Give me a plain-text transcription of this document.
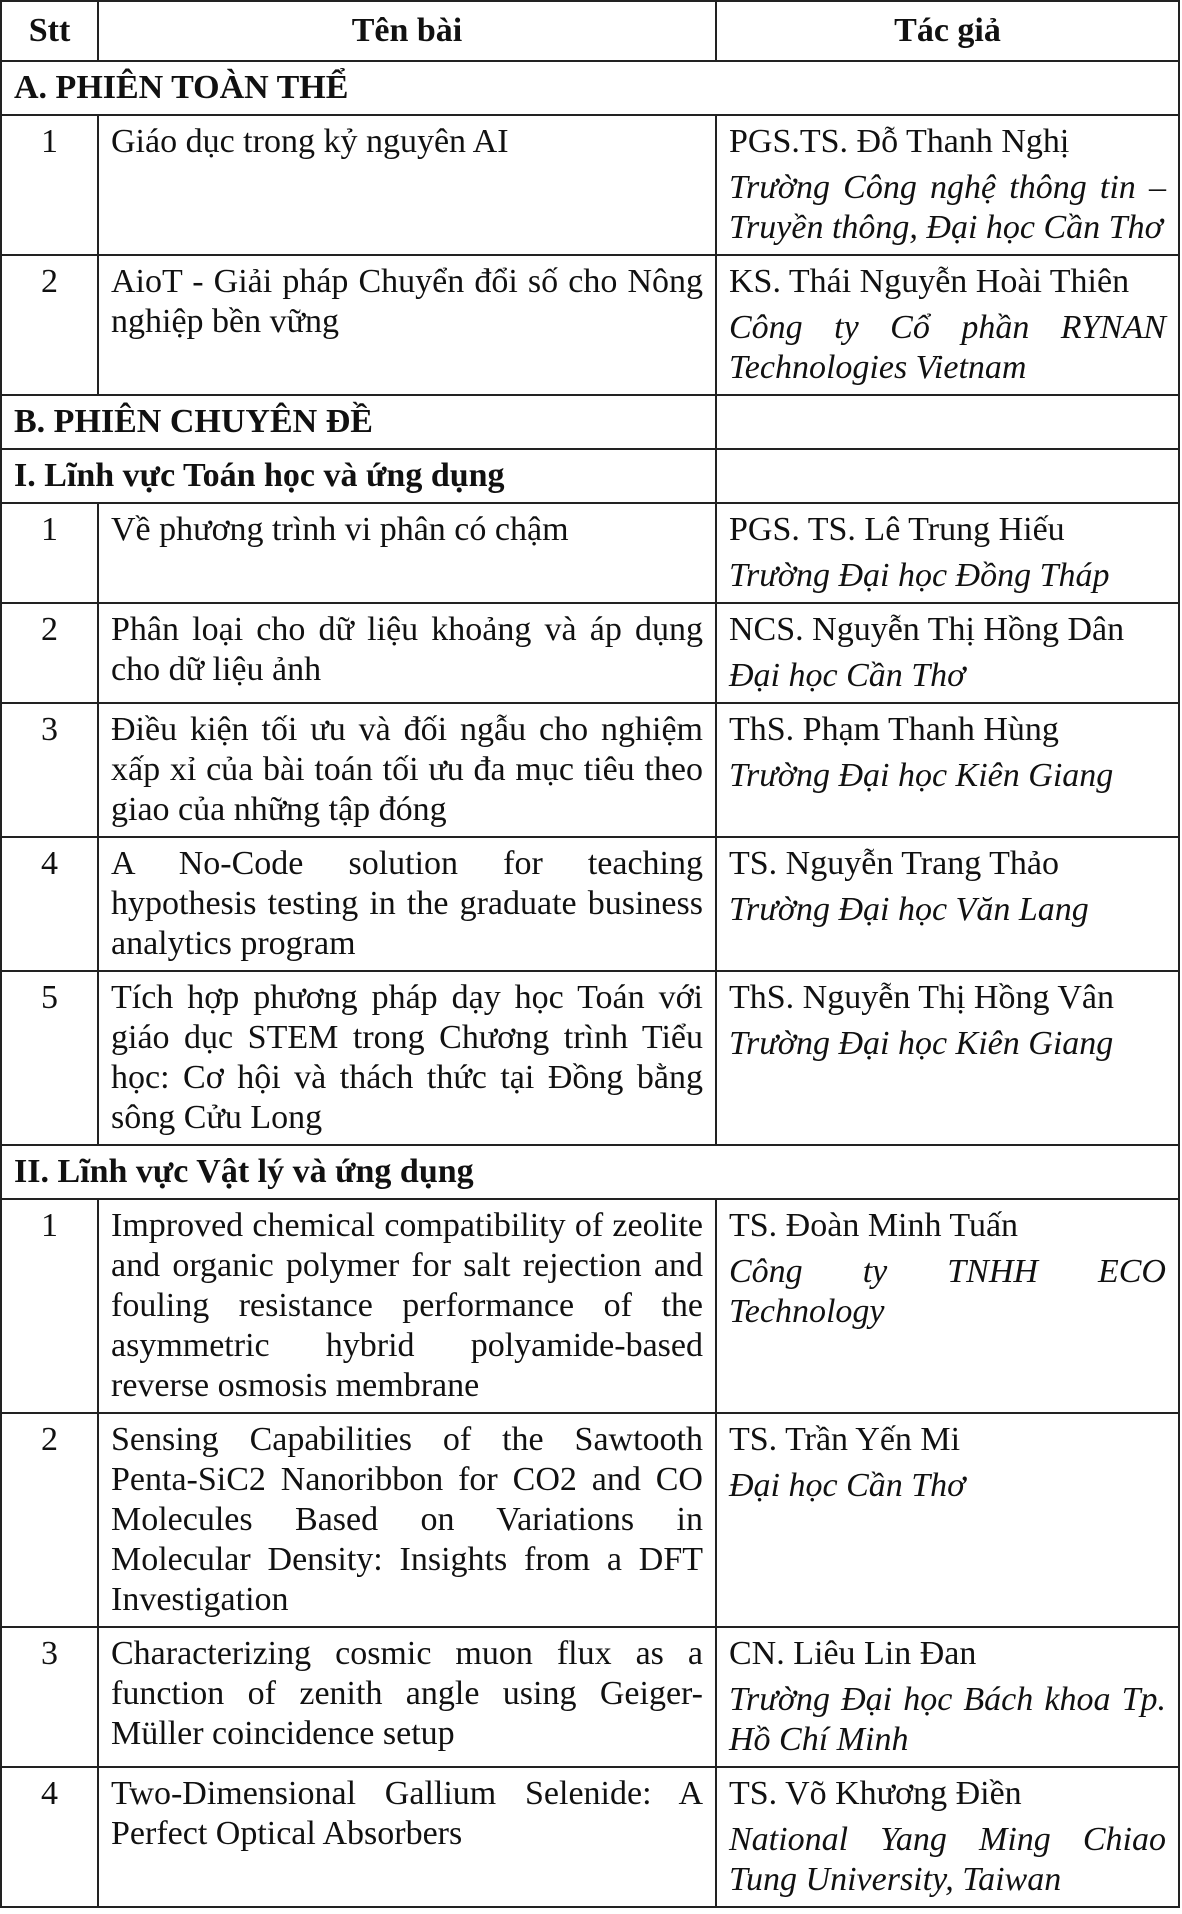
Stt	Tên bài	Tác giả
A. PHIÊN TOÀN THỂ		
1	Giáo dục trong kỷ nguyên AI	PGS.TS. Đỗ Thanh Nghị
Trường Công nghệ thông tin – Truyền thông, Đại học Cần Thơ

2	AioT - Giải pháp Chuyển đổi số cho Nông nghiệp bền vững	KS. Thái Nguyễn Hoài Thiên
Công ty Cổ phần RYNAN Technologies Vietnam

B. PHIÊN CHUYÊN ĐỀ		
I. Lĩnh vực Toán học và ứng dụng		
1	Về phương trình vi phân có chậm	PGS. TS. Lê Trung Hiếu
Trường Đại học Đồng Tháp

2	Phân loại cho dữ liệu khoảng và áp dụng cho dữ liệu ảnh	NCS. Nguyễn Thị Hồng Dân
Đại học Cần Thơ

3	Điều kiện tối ưu và đối ngẫu cho nghiệm xấp xỉ của bài toán tối ưu đa mục tiêu theo giao của những tập đóng	ThS. Phạm Thanh Hùng
Trường Đại học Kiên Giang

4	A No-Code solution for teaching hypothesis testing in the graduate business analytics program	TS. Nguyễn Trang Thảo
Trường Đại học Văn Lang

5	Tích hợp phương pháp dạy học Toán với giáo dục STEM trong Chương trình Tiểu học: Cơ hội và thách thức tại Đồng bằng sông Cửu Long	ThS. Nguyễn Thị Hồng Vân
Trường Đại học Kiên Giang

II. Lĩnh vực Vật lý và ứng dụng		
1	Improved chemical compatibility of zeolite and organic polymer for salt rejection and fouling resistance performance of the asymmetric hybrid polyamide-based reverse osmosis membrane	TS. Đoàn Minh Tuấn
Công ty TNHH ECO Technology

2	Sensing Capabilities of the Sawtooth Penta-SiC2 Nanoribbon for CO2 and CO Molecules Based on Variations in Molecular Density: Insights from a DFT Investigation	TS. Trần Yến Mi
Đại học Cần Thơ

3	Characterizing cosmic muon flux as a function of zenith angle using Geiger-Müller coincidence setup	CN. Liêu Lin Đan
Trường Đại học Bách khoa Tp. Hồ Chí Minh

4	Two-Dimensional Gallium Selenide: A Perfect Optical Absorbers	TS. Võ Khương Điền
National Yang Ming Chiao Tung University, Taiwan
